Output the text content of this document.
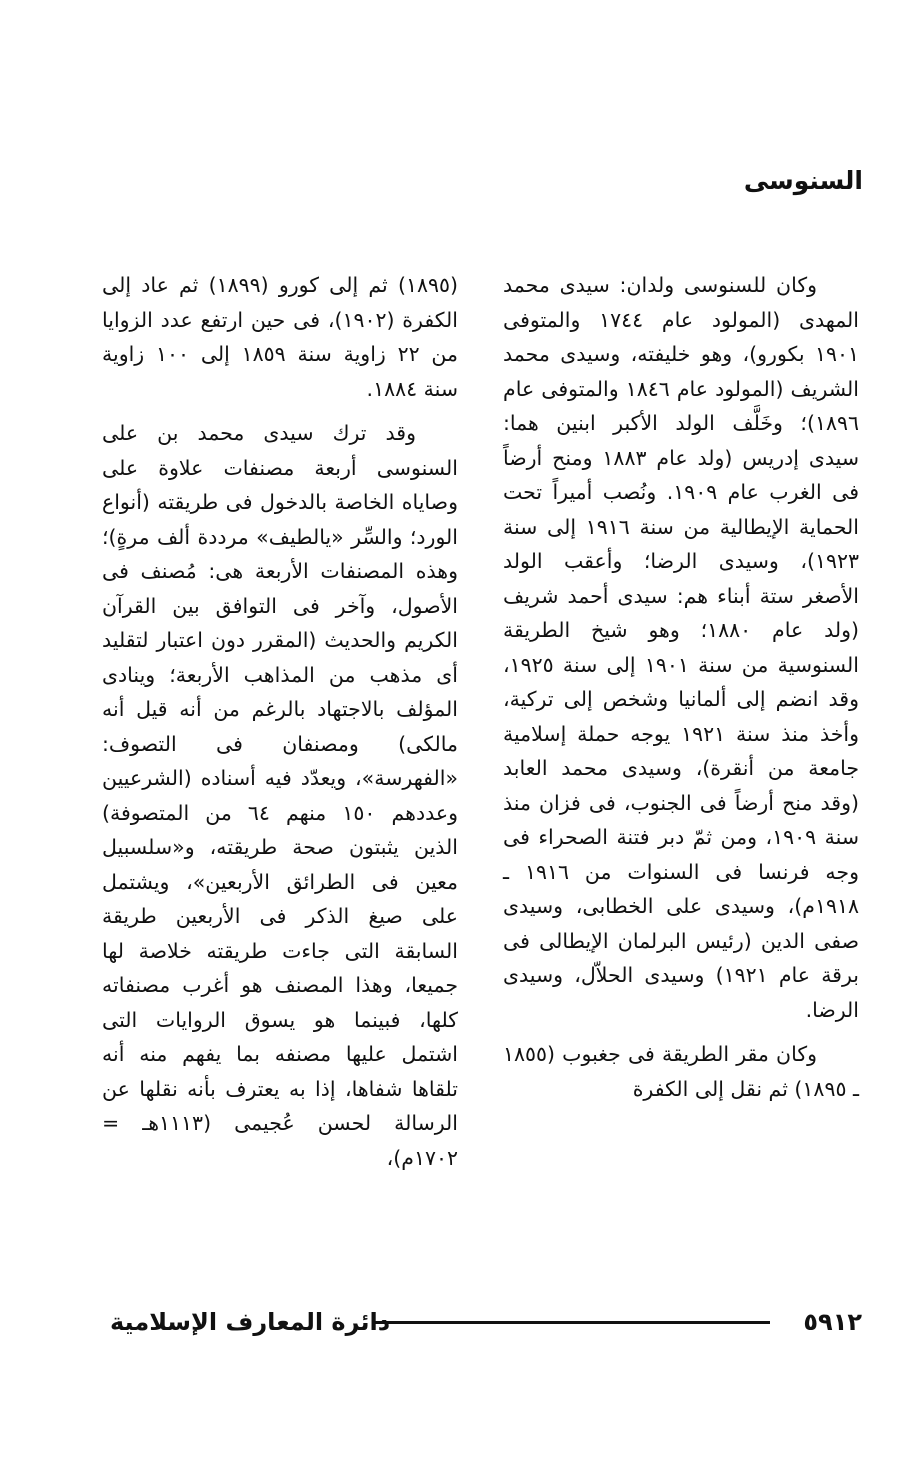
السنوسى

وكان للسنوسى ولدان: سيدى محمد المهدى (المولود عام ١٧٤٤ والمتوفى ١٩٠١ بكورو)، وهو خليفته، وسيدى محمد الشريف (المولود عام ١٨٤٦ والمتوفى عام ١٨٩٦)؛ وخَلَّف الولد الأكبر ابنين هما: سيدى إدريس (ولد عام ١٨٨٣ ومنح أرضاً فى الغرب عام ١٩٠٩. ونُصب أميراً تحت الحماية الإيطالية من سنة ١٩١٦ إلى سنة ١٩٢٣)، وسيدى الرضا؛ وأعقب الولد الأصغر ستة أبناء هم: سيدى أحمد شريف (ولد عام ١٨٨٠؛ وهو شيخ الطريقة السنوسية من سنة ١٩٠١ إلى سنة ١٩٢٥، وقد انضم إلى ألمانيا وشخص إلى تركية، وأخذ منذ سنة ١٩٢١ يوجه حملة إسلامية جامعة من أنقرة)، وسيدى محمد العابد (وقد منح أرضاً فى الجنوب، فى فزان منذ سنة ١٩٠٩، ومن ثمّ دبر فتنة الصحراء فى وجه فرنسا فى السنوات من ١٩١٦ ـ ١٩١٨م)، وسيدى على الخطابى، وسيدى صفى الدين (رئيس البرلمان الإيطالى فى برقة عام ١٩٢١) وسيدى الحلاّل، وسيدى الرضا.

وكان مقر الطريقة فى جغبوب (١٨٥٥ ـ ١٨٩٥) ثم نقل إلى الكفرة

(١٨٩٥) ثم إلى كورو (١٨٩٩) ثم عاد إلى الكفرة (١٩٠٢)، فى حين ارتفع عدد الزوايا من ٢٢ زاوية سنة ١٨٥٩ إلى ١٠٠ زاوية سنة ١٨٨٤.

وقد ترك سيدى محمد بن على السنوسى أربعة مصنفات علاوة على وصاياه الخاصة بالدخول فى طريقته (أنواع الورد؛ والسِّر «يالطيف» مرددة ألف مرةٍ)؛ وهذه المصنفات الأربعة هى: مُصنف فى الأصول، وآخر فى التوافق بين القرآن الكريم والحديث (المقرر دون اعتبار لتقليد أى مذهب من المذاهب الأربعة؛ وينادى المؤلف بالاجتهاد بالرغم من أنه قيل أنه مالكى) ومصنفان فى التصوف: «الفهرسة»، ويعدّد فيه أسناده (الشرعيين وعددهم ١٥٠ منهم ٦٤ من المتصوفة) الذين يثبتون صحة طريقته، و«سلسبيل معين فى الطرائق الأربعين»، ويشتمل على صيغ الذكر فى الأربعين طريقة السابقة التى جاءت طريقته خلاصة لها جميعا، وهذا المصنف هو أغرب مصنفاته كلها، فبينما هو يسوق الروايات التى اشتمل عليها مصنفه بما يفهم منه أنه تلقاها شفاها، إذا به يعترف بأنه نقلها عن الرسالة لحسن عُجيمى (١١١٣هـ = ١٧٠٢م)،

٥٩١٢
دائرة المعارف الإسلامية
